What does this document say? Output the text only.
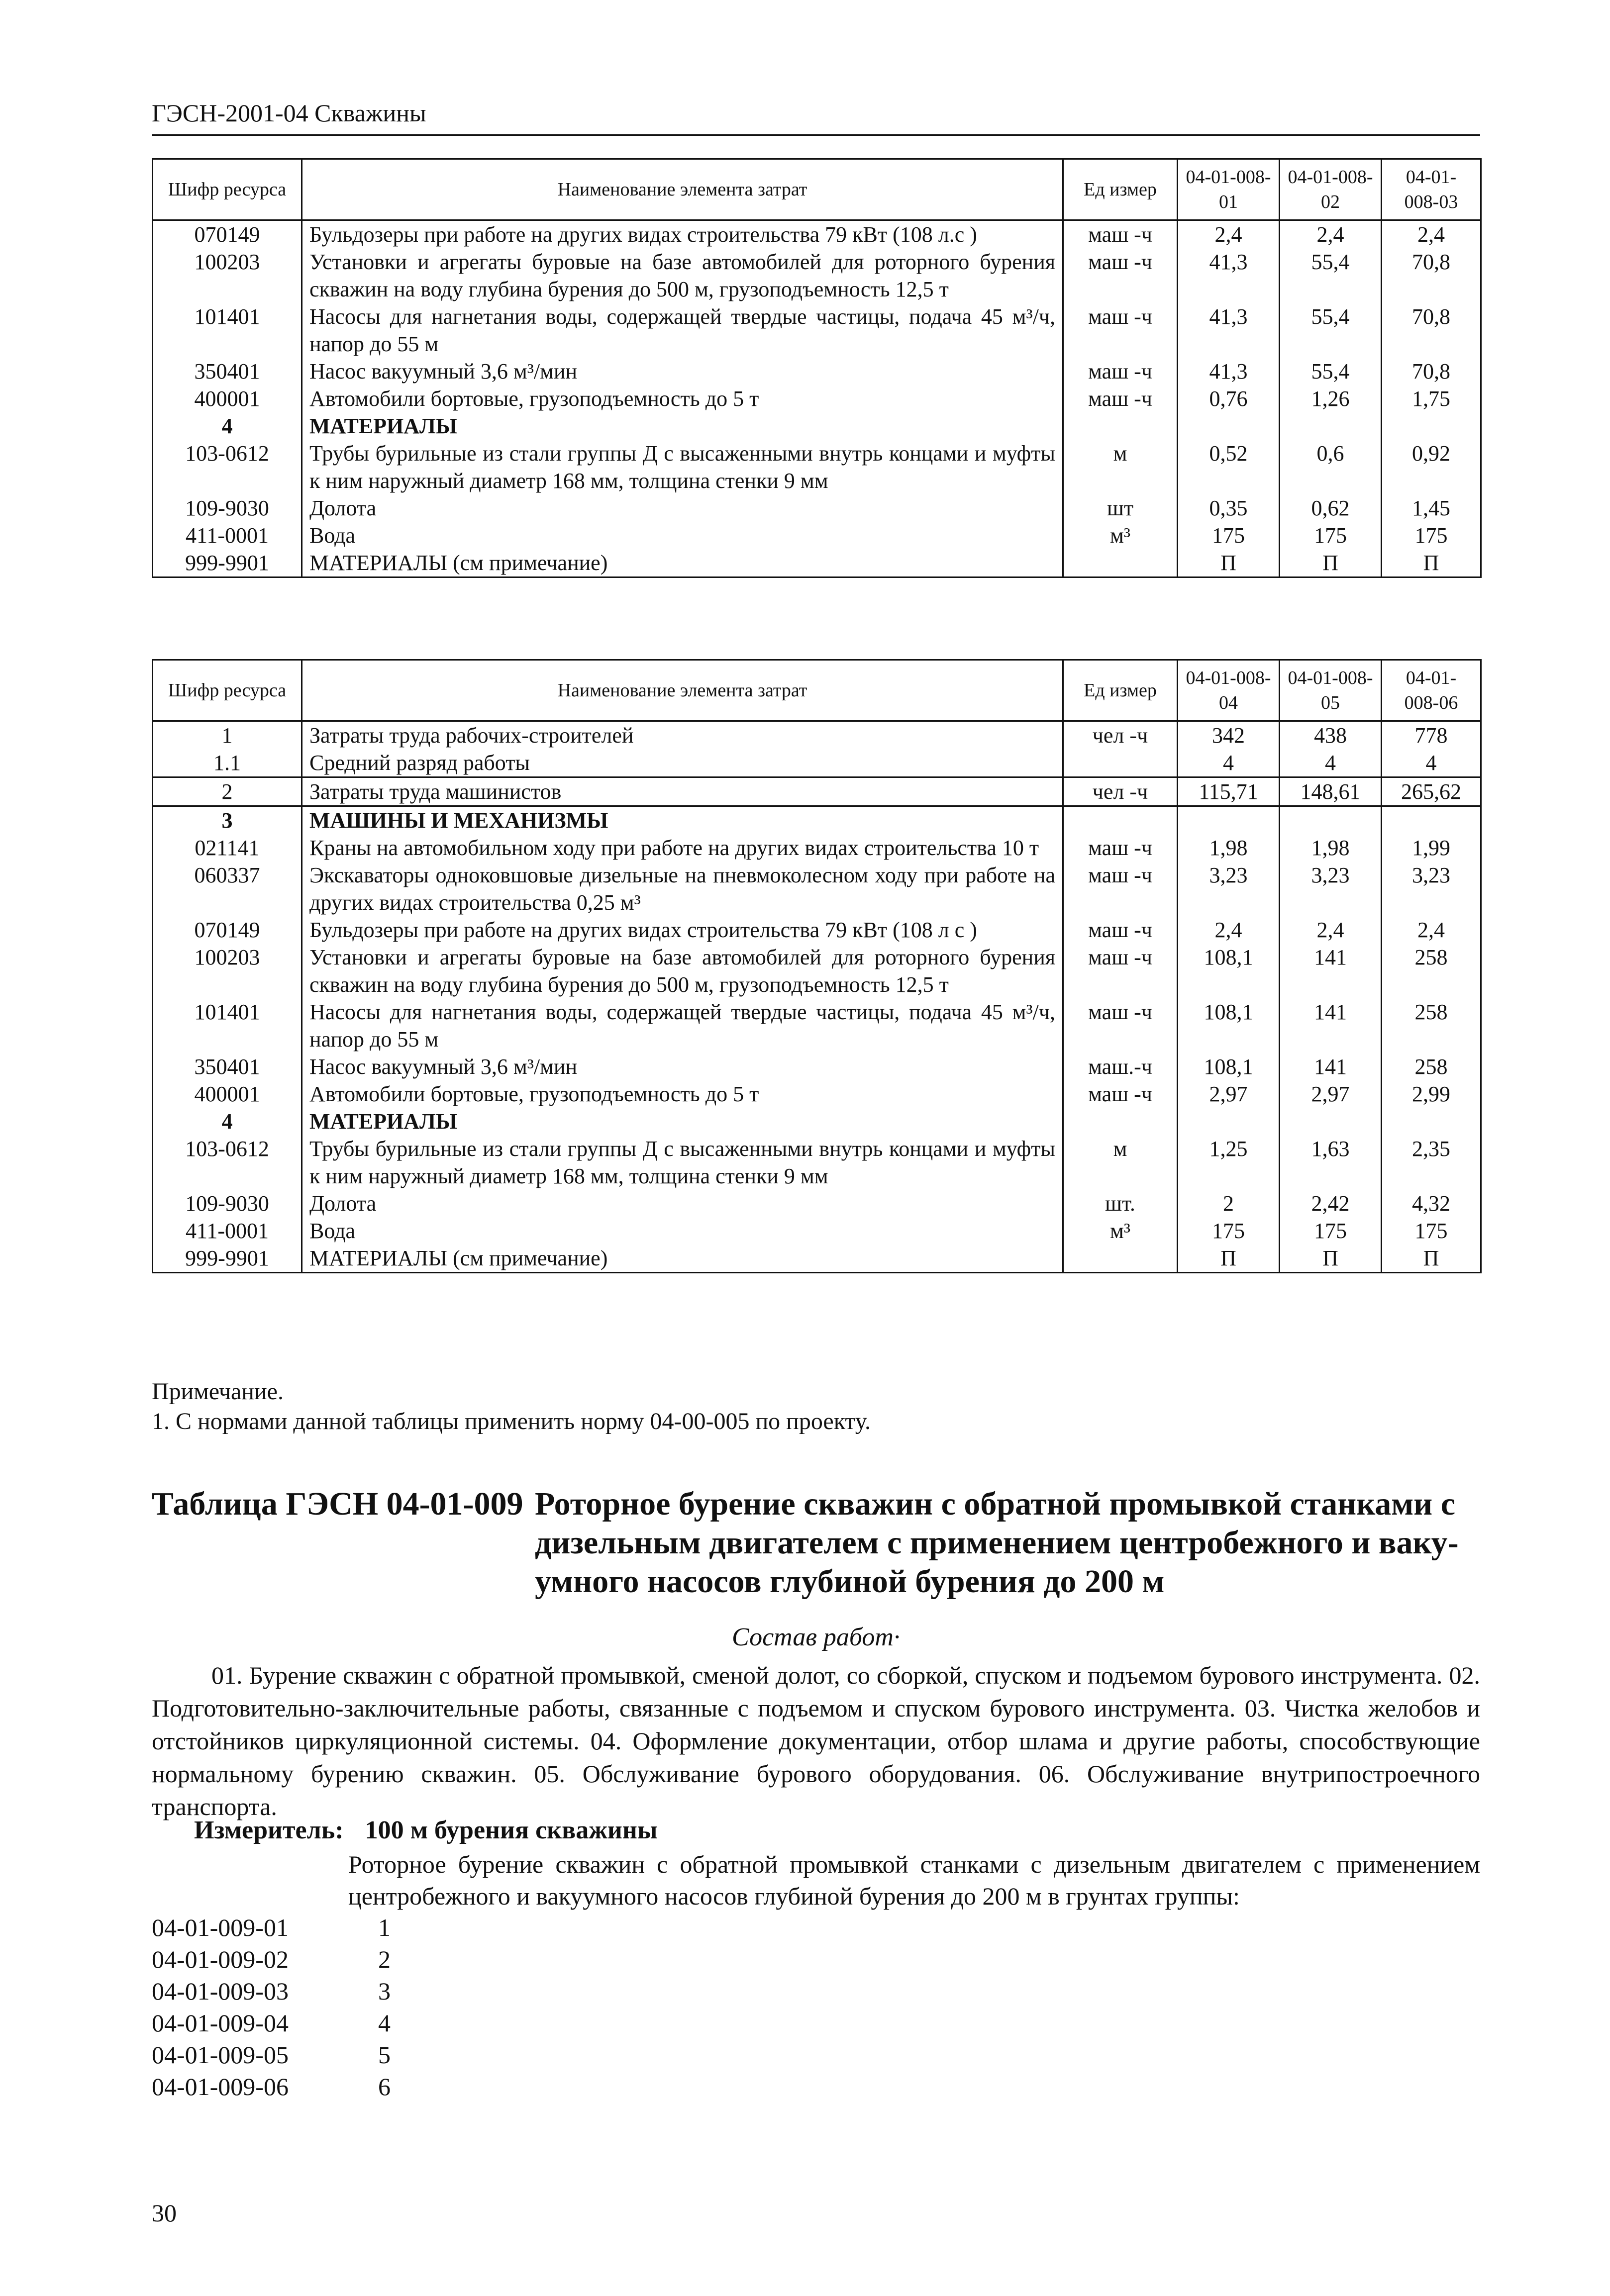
ГЭСН-2001-04 Скважины
Шифр ресурса	Наименование элемента затрат	Ед измер	04-01-008-01	04-01-008-02	04-01-008-03
070149	Бульдозеры при работе на других видах строительства 79 кВт (108 л.с )	маш -ч	2,4	2,4	2,4
100203	Установки и агрегаты буровые на базе автомобилей для роторного бурения скважин на воду глубина бурения до 500 м, грузоподъемность 12,5 т	маш -ч	41,3	55,4	70,8
101401	Насосы для нагнетания воды, содержащей твердые частицы, подача 45 м³/ч, напор до 55 м	маш -ч	41,3	55,4	70,8
350401	Насос вакуумный 3,6 м³/мин	маш -ч	41,3	55,4	70,8
400001	Автомобили бортовые, грузоподъемность до 5 т	маш -ч	0,76	1,26	1,75
4	МАТЕРИАЛЫ				
103-0612	Трубы бурильные из стали группы Д с высаженными внутрь концами и муфты к ним наружный диаметр 168 мм, толщина стенки 9 мм	м	0,52	0,6	0,92
109-9030	Долота	шт	0,35	0,62	1,45
411-0001	Вода	м³	175	175	175
999-9901	МАТЕРИАЛЫ (см примечание)		П	П	П
Шифр ресурса	Наименование элемента затрат	Ед измер	04-01-008-04	04-01-008-05	04-01-008-06
1	Затраты труда рабочих-строителей	чел -ч	342	438	778
1.1	Средний разряд работы		4	4	4
2	Затраты труда машинистов	чел -ч	115,71	148,61	265,62
3	МАШИНЫ И МЕХАНИЗМЫ				
021141	Краны на автомобильном ходу при работе на других видах строительства 10 т	маш -ч	1,98	1,98	1,99
060337	Экскаваторы одноковшовые дизельные на пневмоколесном ходу при работе на других видах строительства 0,25 м³	маш -ч	3,23	3,23	3,23
070149	Бульдозеры при работе на других видах строительства 79 кВт (108 л с )	маш -ч	2,4	2,4	2,4
100203	Установки и агрегаты буровые на базе автомобилей для роторного бурения скважин на воду глубина бурения до 500 м, грузоподъемность 12,5 т	маш -ч	108,1	141	258
101401	Насосы для нагнетания воды, содержащей твердые частицы, подача 45 м³/ч, напор до 55 м	маш -ч	108,1	141	258
350401	Насос вакуумный 3,6 м³/мин	маш.-ч	108,1	141	258
400001	Автомобили бортовые, грузоподъемность до 5 т	маш -ч	2,97	2,97	2,99
4	МАТЕРИАЛЫ				
103-0612	Трубы бурильные из стали группы Д с высаженными внутрь концами и муфты к ним наружный диаметр 168 мм, толщина стенки 9 мм	м	1,25	1,63	2,35
109-9030	Долота	шт.	2	2,42	4,32
411-0001	Вода	м³	175	175	175
999-9901	МАТЕРИАЛЫ (см примечание)		П	П	П
Примечание.
1. С нормами данной таблицы применить норму 04-00-005 по проекту.
Таблица ГЭСН 04-01-009 Роторное бурение скважин с обратной промывкой станками с
дизельным двигателем с применением центробежного и ваку-
умного насосов глубиной бурения до 200 м
Состав работ·
01. Бурение скважин с обратной промывкой, сменой долот, со сборкой, спуском и подъемом бурового инструмента. 02. Подготовительно-заключительные работы, связанные с подъемом и спуском бурового инструмента. 03. Чистка желобов и отстойников циркуляционной системы. 04. Оформление документации, отбор шлама и другие работы, способствующие нормальному бурению скважин. 05. Обслуживание бурового оборудования. 06. Обслуживание внутрипостроечного транспорта.
Измеритель: 100 м бурения скважины
Роторное бурение скважин с обратной промывкой станками с дизельным двигателем с применением центробежного и вакуумного насосов глубиной бурения до 200 м в грунтах группы:
04-01-009-01	1
04-01-009-02	2
04-01-009-03	3
04-01-009-04	4
04-01-009-05	5
04-01-009-06	6
30
